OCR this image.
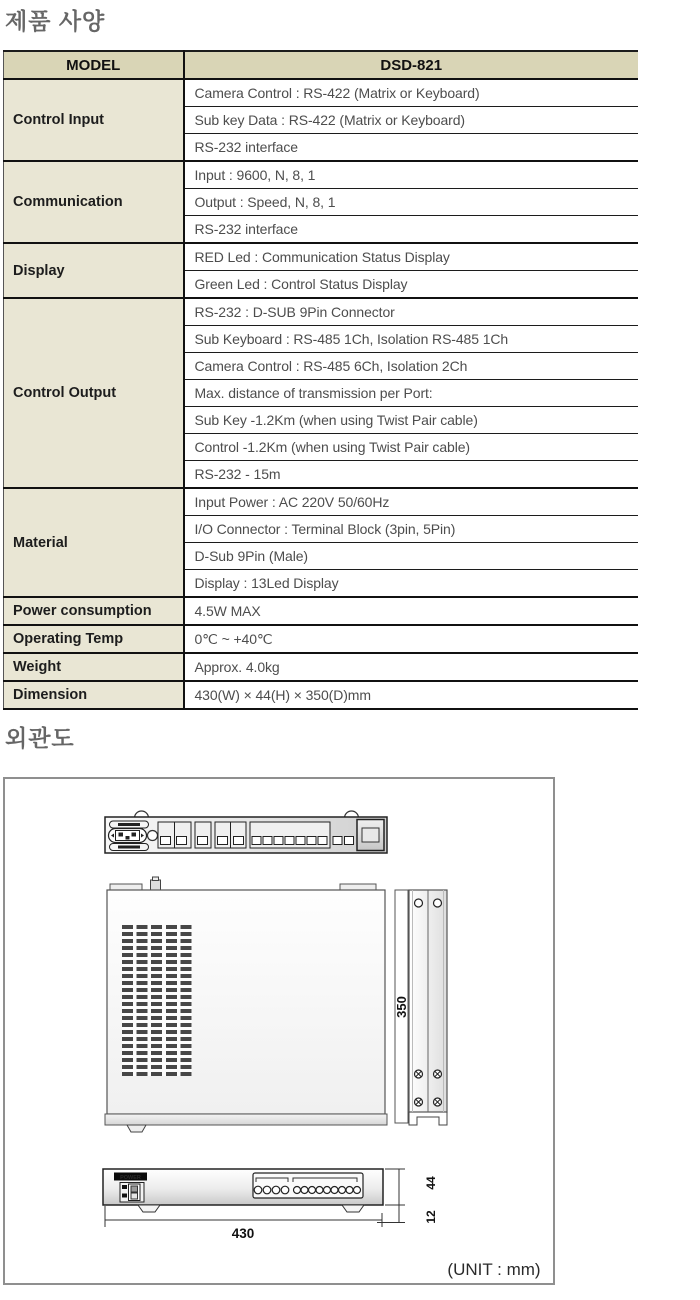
제품 사양
MODEL	DSD-821
Control Input	Camera Control : RS-422 (Matrix or Keyboard)
	Sub key Data : RS-422 (Matrix or Keyboard)
	RS-232 interface
Communication	Input : 9600, N, 8, 1
	Output : Speed, N, 8, 1
	RS-232 interface
Display	RED Led : Communication Status Display
	Green Led : Control Status Display
Control Output	RS-232 : D-SUB 9Pin Connector
	Sub Keyboard : RS-485 1Ch, Isolation RS-485 1Ch
	Camera Control : RS-485 6Ch, Isolation 2Ch
	Max. distance of transmission per Port:
	Sub Key -1.2Km (when using Twist Pair cable)
	Control -1.2Km (when using Twist Pair cable)
	RS-232 - 15m
Material	Input Power : AC 220V 50/60Hz
	I/O Connector : Terminal Block (3pin, 5Pin)
	D-Sub 9Pin (Male)
	Display : 13Led Display
Power consumption	4.5W MAX
Operating Temp	0℃ ~ +40℃
Weight	Approx. 4.0kg
Dimension	430(W) × 44(H) × 350(D)mm
외관도
350
POWER	44
12
430
(UNIT : mm)
